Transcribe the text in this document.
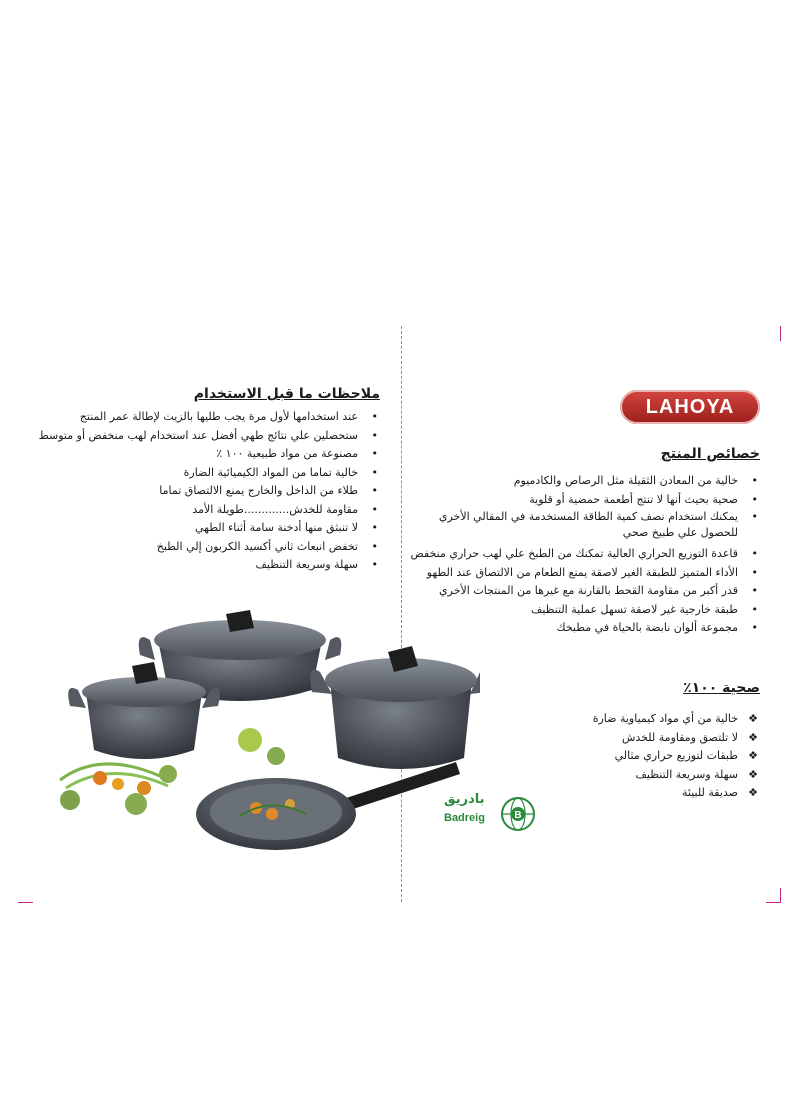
ملاحظات ما قبل الاستخدام
•
عند استخدامها لأول مرة يجب طليها بالزيت لإطالة عمر المنتج
•
ستحصلين علي نتائج طهي أفضل عند استخدام لهب منخفض أو متوسط
•
مصنوعة من مواد طبيعية ١٠٠ ٪
•
خالية تماما من المواد الكيميائية الضارة
•
طلاء من الداخل والخارج يمنع الالتصاق تماما
•
مقاومة للخدش.............طويلة الأمد
•
لا تنبثق منها أدخنة سامة أثناء الطهي
•
تخفض انبعاث ثاني أكسيد الكربون إلي الطبخ
•
سهلة وسريعة التنظيف
LAHOYA
خصائص المنتج
•
خالية من المعادن الثقيلة مثل الرصاص والكادميوم
•
صحية بحيث أنها لا تنتج أطعمة حمضية أو قلوية
•
يمكنك استخدام نصف كمية الطاقة المستخدمة في المقالي الأخري للحصول علي طبيخ صحي
•
قاعدة التوزيع الحراري العالية تمكنك من الطبخ علي لهب حراري منخفض
•
الأداء المتميز للطبقة الغير لاصقة يمنع الطعام من الالتصاق عند الطهو
•
قدر أكبر من مقاومة القحط بالقارنة مع غيرها من المنتجات الأخري
•
طبقة خارجية غير لاصقة تسهل عملية التنظيف
•
مجموعة ألوان نابضة بالحياة في مطبخك
صحية ١٠٠٪
❖
خالية من أي مواد كيمياوية ضارة
❖
لا تلتصق ومقاومة للخدش
❖
طبقات لتوزيع حراري مثالي
❖
سهلة وسريعة التنظيف
❖
صديقة للبيئة
بادريق
Badreig	B
